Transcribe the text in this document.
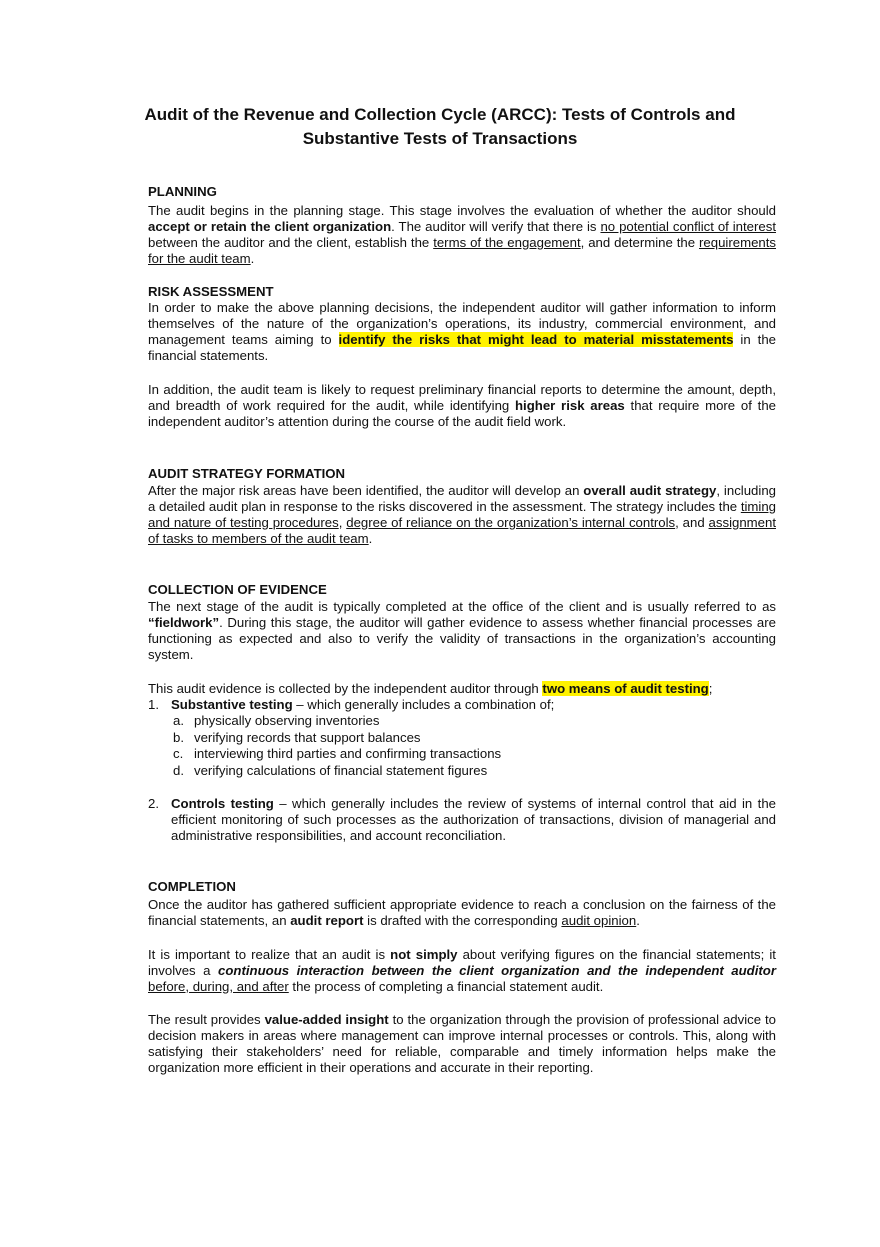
Audit of the Revenue and Collection Cycle (ARCC): Tests of Controls and Substantive Tests of Transactions
PLANNING
The audit begins in the planning stage. This stage involves the evaluation of whether the auditor should accept or retain the client organization. The auditor will verify that there is no potential conflict of interest between the auditor and the client, establish the terms of the engagement, and determine the requirements for the audit team.
RISK ASSESSMENT
In order to make the above planning decisions, the independent auditor will gather information to inform themselves of the nature of the organization’s operations, its industry, commercial environment, and management teams aiming to identify the risks that might lead to material misstatements in the financial statements.
In addition, the audit team is likely to request preliminary financial reports to determine the amount, depth, and breadth of work required for the audit, while identifying higher risk areas that require more of the independent auditor’s attention during the course of the audit field work.
AUDIT STRATEGY FORMATION
After the major risk areas have been identified, the auditor will develop an overall audit strategy, including a detailed audit plan in response to the risks discovered in the assessment. The strategy includes the timing and nature of testing procedures, degree of reliance on the organization’s internal controls, and assignment of tasks to members of the audit team.
COLLECTION OF EVIDENCE
The next stage of the audit is typically completed at the office of the client and is usually referred to as “fieldwork”. During this stage, the auditor will gather evidence to assess whether financial processes are functioning as expected and also to verify the validity of transactions in the organization’s accounting system.
This audit evidence is collected by the independent auditor through two means of audit testing;
1. Substantive testing – which generally includes a combination of;
a. physically observing inventories
b. verifying records that support balances
c. interviewing third parties and confirming transactions
d. verifying calculations of financial statement figures
2. Controls testing – which generally includes the review of systems of internal control that aid in the efficient monitoring of such processes as the authorization of transactions, division of managerial and administrative responsibilities, and account reconciliation.
COMPLETION
Once the auditor has gathered sufficient appropriate evidence to reach a conclusion on the fairness of the financial statements, an audit report is drafted with the corresponding audit opinion.
It is important to realize that an audit is not simply about verifying figures on the financial statements; it involves a continuous interaction between the client organization and the independent auditor before, during, and after the process of completing a financial statement audit.
The result provides value-added insight to the organization through the provision of professional advice to decision makers in areas where management can improve internal processes or controls. This, along with satisfying their stakeholders’ need for reliable, comparable and timely information helps make the organization more efficient in their operations and accurate in their reporting.
